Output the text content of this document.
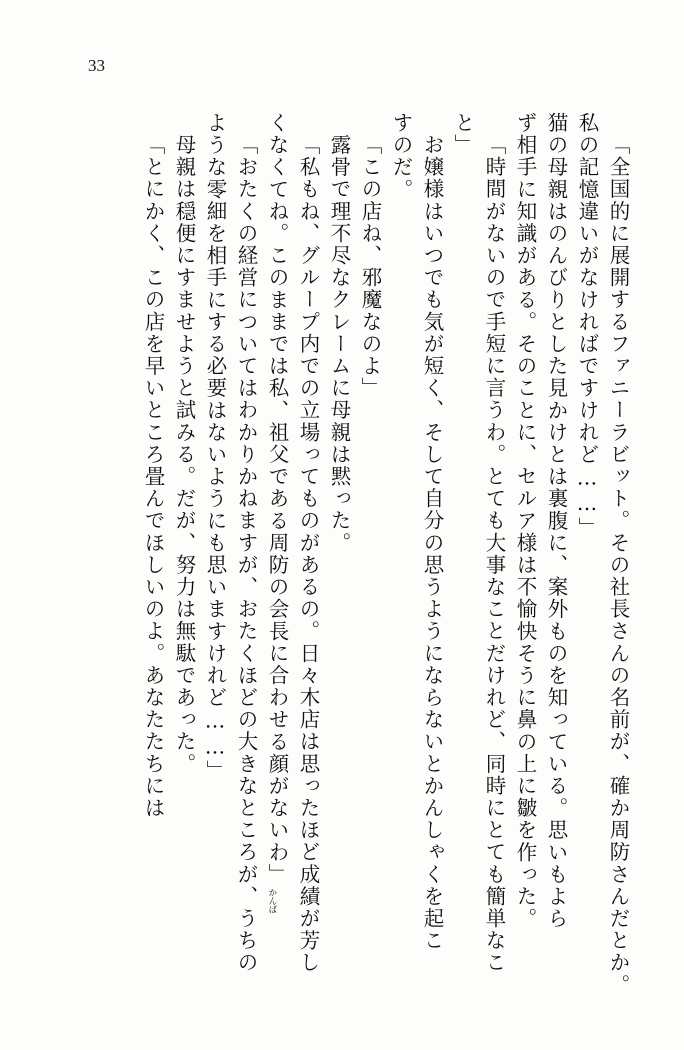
33
「全国的に展開するファニーラビット。その社長さんの名前が、確か周防さんだとか。
私の記憶違いがなければですけれど……」
猫の母親はのんびりとした見かけとは裏腹に、案外ものを知っている。思いもよら
ず相手に知識がある。そのことに、セルア様は不愉快そうに鼻の上に皺を作った。
「時間がないので手短に言うわ。とても大事なことだけれど、同時にとても簡単なこ
と」
お嬢様はいつでも気が短く、そして自分の思うようにならないとかんしゃくを起こ
すのだ。
「この店ね、邪魔なのよ」
露骨で理不尽なクレームに母親は黙った。
「私もね、グループ内での立場ってものがあるの。日々木店は思ったほど成績が芳し
くなくてね。このままでは私、祖父である周防の会長に合わせる顔がないわ」
「おたくの経営についてはわかりかねますが、おたくほどの大きなところが、うちの
ような零細を相手にする必要はないようにも思いますけれど……」
母親は穏便にすませようと試みる。だが、努力は無駄であった。
「とにかく、この店を早いところ畳んでほしいのよ。あなたたちには
かんば
